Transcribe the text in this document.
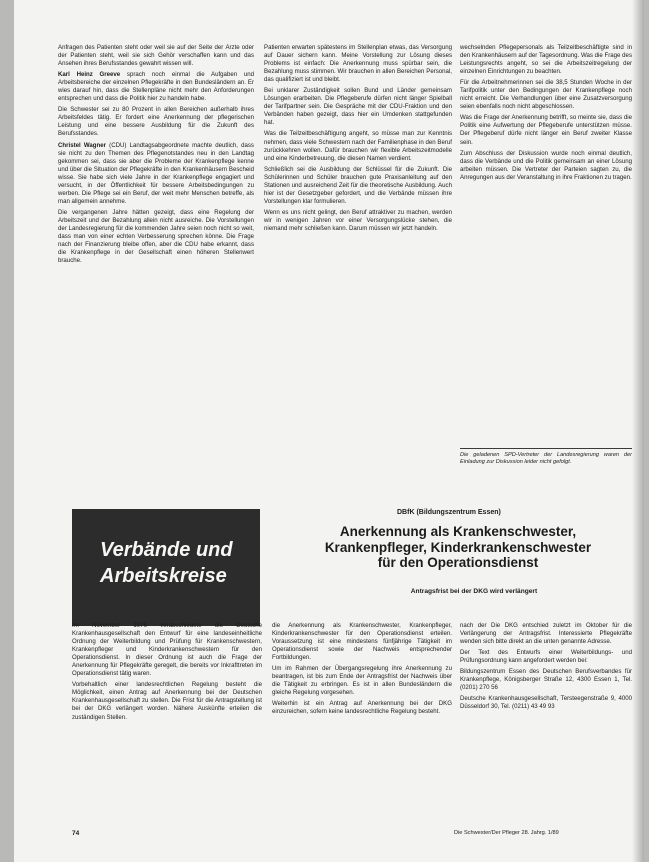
Anfragen des Patienten steht oder weil sie auf der Seite der Ärzte oder der Patienten steht, weil sie sich Gehör verschaffen kann und das Ansehen ihres Berufsstandes gewahrt wissen will.

Karl Heinz Greeve sprach noch einmal die Aufgaben und Arbeitsbereiche der einzelnen Pflegekräfte in den Bundesländern an. Er wies darauf hin, dass die Stellenpläne nicht mehr den Anforderungen entsprechen und dass die Politik hier zu handeln habe.

Die Schwester sei zu 80 Prozent in allen Bereichen außerhalb ihres Arbeitsfeldes tätig. Er fordert eine Anerkennung der pflegerischen Leistung und eine bessere Ausbildung für die Zukunft des Berufsstandes.

Christel Wagner (CDU) Landtagsabgeordnete machte deutlich, dass sie nicht zu den Themen des Pflegenotstandes neu in den Landtag gekommen sei, dass sie aber die Probleme der Krankenpflege kenne und über die Situation der Pflegekräfte in den Krankenhäusern Bescheid wisse. Sie habe sich viele Jahre in der Krankenpflege engagiert und versucht, in der Öffentlichkeit für bessere Arbeitsbedingungen zu werben. Die Pflege sei ein Beruf, der weit mehr Menschen betreffe, als man allgemein annehme.

Die vergangenen Jahre hätten gezeigt, dass eine Regelung der Arbeitszeit und der Bezahlung allein nicht ausreiche. Die Vorstellungen der Landesregierung für die kommenden Jahre seien noch nicht so weit, dass man von einer echten Verbesserung sprechen könne. Die Frage nach der Finanzierung bleibe offen, aber die CDU habe erkannt, dass die Krankenpflege in der Gesellschaft einen höheren Stellenwert brauche.

Patienten erwarten spätestens im Stellenplan etwas, das Versorgung auf Dauer sichern kann. Meine Vorstellung zur Lösung dieses Problems ist einfach: Die Anerkennung muss spürbar sein, die Bezahlung muss stimmen. Wir brauchen in allen Bereichen Personal, das qualifiziert ist und bleibt.

Bei unklarer Zuständigkeit sollen Bund und Länder gemeinsam Lösungen erarbeiten. Die Pflegeberufe dürfen nicht länger Spielball der Tarifpartner sein. Die Gespräche mit der CDU-Fraktion und den Verbänden haben gezeigt, dass hier ein Umdenken stattgefunden hat.

Was die Teilzeitbeschäftigung angeht, so müsse man zur Kenntnis nehmen, dass viele Schwestern nach der Familienphase in den Beruf zurückkehren wollen. Dafür brauchen wir flexible Arbeitszeitmodelle und eine Kinderbetreuung, die diesen Namen verdient.

Schließlich sei die Ausbildung der Schlüssel für die Zukunft. Die Schülerinnen und Schüler brauchen gute Praxisanleitung auf den Stationen und ausreichend Zeit für die theoretische Ausbildung. Auch hier ist der Gesetzgeber gefordert, und die Verbände müssen ihre Vorstellungen klar formulieren.

Wenn es uns nicht gelingt, den Beruf attraktiver zu machen, werden wir in wenigen Jahren vor einer Versorgungslücke stehen, die niemand mehr schließen kann. Darum müssen wir jetzt handeln.

wechselnden Pflegepersonals als Teilzeitbeschäftigte sind in den Krankenhäusern auf der Tagesordnung. Was die Frage des Leistungsrechts angeht, so sei die Arbeitszeitregelung der einzelnen Einrichtungen zu beachten.

Für die Arbeitnehmerinnen sei die 38,5 Stunden Woche in der Tarifpolitik unter den Bedingungen der Krankenpflege noch nicht erreicht. Die Verhandlungen über eine Zusatzversorgung seien ebenfalls noch nicht abgeschlossen.

Was die Frage der Anerkennung betrifft, so meinte sie, dass die Politik eine Aufwertung der Pflegeberufe unterstützen müsse. Der Pflegeberuf dürfe nicht länger ein Beruf zweiter Klasse sein.

Zum Abschluss der Diskussion wurde noch einmal deutlich, dass die Verbände und die Politik gemeinsam an einer Lösung arbeiten müssen. Die Vertreter der Parteien sagten zu, die Anregungen aus der Veranstaltung in ihre Fraktionen zu tragen.

Die geladenen SPD-Vertreter der Landesregierung waren der Einladung zur Diskussion leider nicht gefolgt.
Verbände und Arbeitskreise
DBfK (Bildungszentrum Essen)
Anerkennung als Krankenschwester, Krankenpfleger, Kinderkrankenschwester für den Operationsdienst
Antragsfrist bei der DKG wird verlängert

Im November 1976 verabschiedete die Deutsche Krankenhausgesellschaft den Entwurf für eine landeseinheitliche Ordnung der Weiterbildung und Prüfung für Krankenschwestern, Krankenpfleger und Kinderkrankenschwestern für den Operationsdienst. In dieser Ordnung ist auch die Frage der Anerkennung für Pflegekräfte geregelt, die bereits vor Inkrafttreten im Operationsdienst tätig waren.

Vorbehaltlich einer landesrechtlichen Regelung besteht die Möglichkeit, einen Antrag auf Anerkennung bei der Deutschen Krankenhausgesellschaft zu stellen. Die Frist für die Antragstellung ist bei der DKG verlängert worden. Nähere Auskünfte erteilen die zuständigen Stellen.

die Anerkennung als Krankenschwester, Krankenpfleger, Kinderkrankenschwester für den Operationsdienst erteilen. Voraussetzung ist eine mindestens fünfjährige Tätigkeit im Operationsdienst sowie der Nachweis entsprechender Fortbildungen.

Um im Rahmen der Übergangsregelung ihre Anerkennung zu beantragen, ist bis zum Ende der Antragsfrist der Nachweis über die Tätigkeit zu erbringen. Es ist in allen Bundesländern die gleiche Regelung vorgesehen.

Weiterhin ist ein Antrag auf Anerkennung bei der DKG einzureichen, sofern keine landesrechtliche Regelung besteht.

nach der Die DKG entschied zuletzt im Oktober für die Verlängerung der Antragsfrist. Interessierte Pflegekräfte wenden sich bitte direkt an die unten genannte Adresse.

Der Text des Entwurfs einer Weiterbildungs- und Prüfungsordnung kann angefordert werden bei:

Bildungszentrum Essen des Deutschen Berufsverbandes für Krankenpflege, Königsberger Straße 12, 4300 Essen 1, Tel. (0201) 270 56

Deutsche Krankenhausgesellschaft, Tersteegenstraße 9, 4000 Düsseldorf 30, Tel. (0211) 43 49 93

74	Die Schwester/Der Pfleger 28. Jahrg. 1/89
